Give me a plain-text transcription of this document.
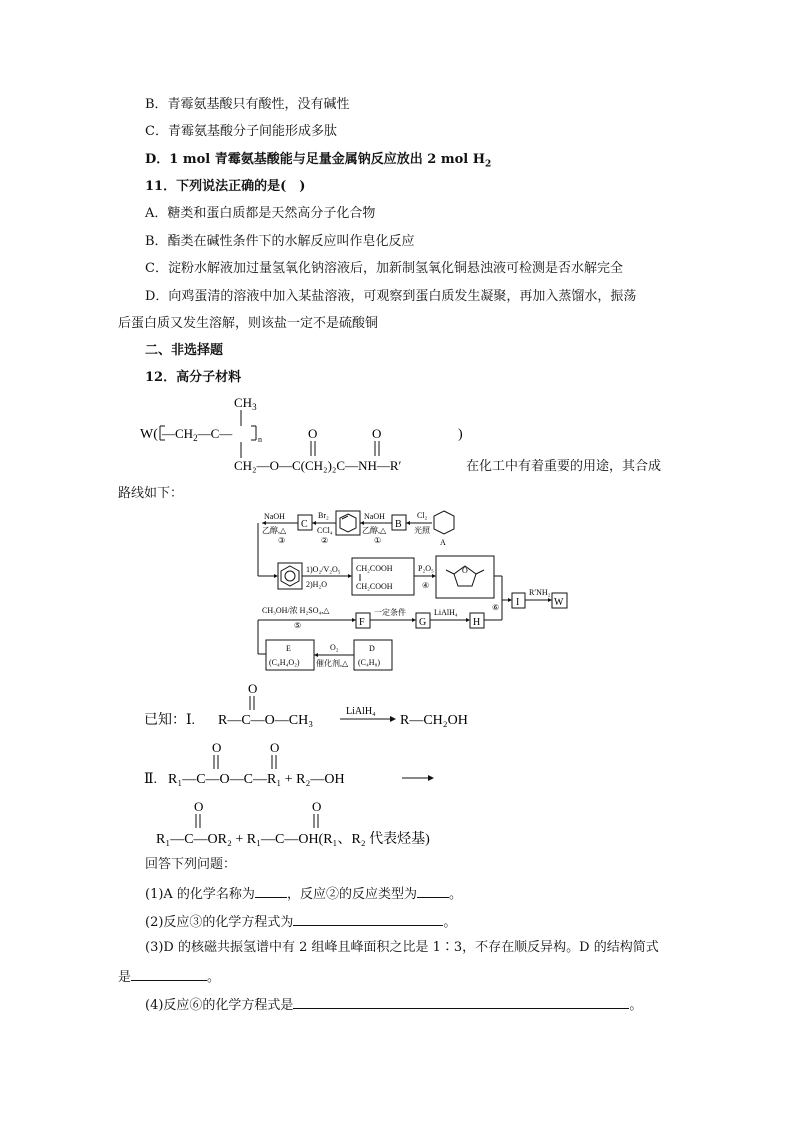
B．青霉氨基酸只有酸性，没有碱性
C．青霉氨基酸分子间能形成多肽
D．1 mol 青霉氨基酸能与足量金属钠反应放出 2 mol $H_2$
11．下列说法正确的是(　)
A．糖类和蛋白质都是天然高分子化合物
B．酯类在碱性条件下的水解反应叫作皂化反应
C．淀粉水解液加过量氢氧化钠溶液后，加新制氢氧化铜悬浊液可检测是否水解完全
D．向鸡蛋清的溶液中加入某盐溶液，可观察到蛋白质发生凝聚，再加入蒸馏水，振荡
后蛋白质又发生溶解，则该盐一定不是硫酸铜
二、非选择题
12．高分子材料
W(
$CH_3$
$—CH_2—C—$	n	O	O	)
CH₂—O—C(CH₂)₂C—NH—R′	在化工中有着重要的用途，其合成
路线如下：
NaOH
乙醇,△
③
C
Br₂
CCl₄
②
NaOH
乙醇,△
①
B
Cl₂
光照
A
1)O₂/V₂O₅
2)H₂O
CH₂COOH
CH₂COOH
P₂O₅
④
O
⑥ I
R′NH₂
W
CH₃OH/浓 H₂SO₄,△
⑤	F
一定条件
G
LiAlH₄
H
E
(C₄H₄O₂)
O₂
催化剂,△
D
(C₄H₈)
O
已知：Ⅰ. R—C—O—CH₃
LiAlH₄
R—CH₂OH
O	O
Ⅱ. R₁—C—O—C—R₁ + R₂—OH
O	O
R₁—C—OR₂ + R₁—C—OH(R₁、R₂ 代表烃基)
回答下列问题：
(1)A 的化学名称为 ，反应②的反应类型为 。
(2)反应③的化学方程式为	。
(3)D 的核磁共振氢谱中有 2 组峰且峰面积之比是 1∶3，不存在顺反异构。D 的结构简式
是	。
(4)反应⑥的化学方程式是	。
